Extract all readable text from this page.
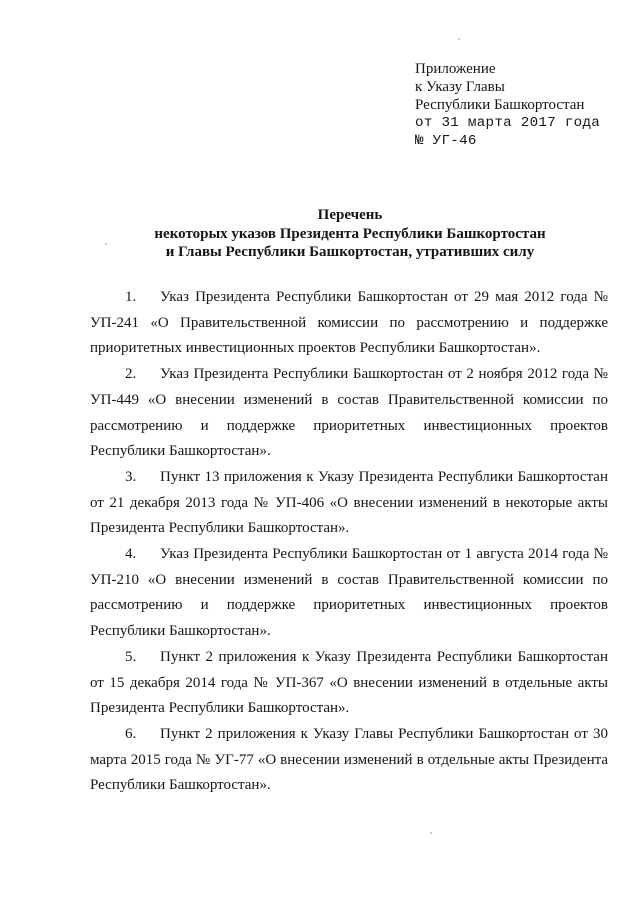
Приложение
к Указу Главы
Республики Башкортостан
от 31 марта 2017 года
№ УГ-46
Перечень
некоторых указов Президента Республики Башкортостан
и Главы Республики Башкортостан, утративших силу

1. Указ Президента Республики Башкортостан от 29 мая 2012 года № УП-241 «О Правительственной комиссии по рассмотрению и поддержке приоритетных инвестиционных проектов Республики Башкортостан».

2. Указ Президента Республики Башкортостан от 2 ноября 2012 года № УП-449 «О внесении изменений в состав Правительственной комиссии по рассмотрению и поддержке приоритетных инвестиционных проектов Республики Башкортостан».

3. Пункт 13 приложения к Указу Президента Республики Башкортостан от 21 декабря 2013 года № УП-406 «О внесении изменений в некоторые акты Президента Республики Башкортостан».

4. Указ Президента Республики Башкортостан от 1 августа 2014 года № УП-210 «О внесении изменений в состав Правительственной комиссии по рассмотрению и поддержке приоритетных инвестиционных проектов Республики Башкортостан».

5. Пункт 2 приложения к Указу Президента Республики Башкортостан от 15 декабря 2014 года № УП-367 «О внесении изменений в отдельные акты Президента Республики Башкортостан».

6. Пункт 2 приложения к Указу Главы Республики Башкортостан от 30 марта 2015 года № УГ-77 «О внесении изменений в отдельные акты Президента Республики Башкортостан».
